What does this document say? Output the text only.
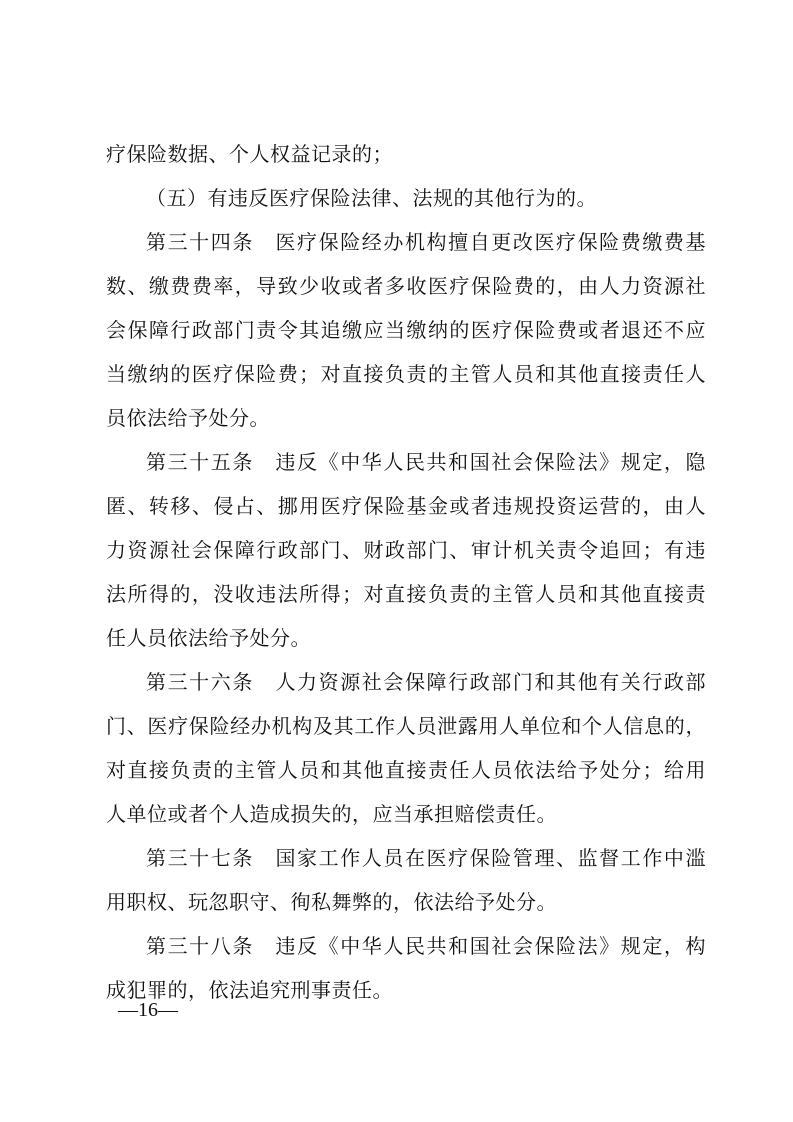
疗保险数据、个人权益记录的；
（五）有违反医疗保险法律、法规的其他行为的。
第三十四条　医疗保险经办机构擅自更改医疗保险费缴费基
数、缴费费率，导致少收或者多收医疗保险费的，由人力资源社
会保障行政部门责令其追缴应当缴纳的医疗保险费或者退还不应
当缴纳的医疗保险费；对直接负责的主管人员和其他直接责任人
员依法给予处分。
第三十五条　违反《中华人民共和国社会保险法》规定，隐
匿、转移、侵占、挪用医疗保险基金或者违规投资运营的，由人
力资源社会保障行政部门、财政部门、审计机关责令追回；有违
法所得的，没收违法所得；对直接负责的主管人员和其他直接责
任人员依法给予处分。
第三十六条　人力资源社会保障行政部门和其他有关行政部
门、医疗保险经办机构及其工作人员泄露用人单位和个人信息的，
对直接负责的主管人员和其他直接责任人员依法给予处分；给用
人单位或者个人造成损失的，应当承担赔偿责任。
第三十七条　国家工作人员在医疗保险管理、监督工作中滥
用职权、玩忽职守、徇私舞弊的，依法给予处分。
第三十八条　违反《中华人民共和国社会保险法》规定，构
成犯罪的，依法追究刑事责任。
—16—
